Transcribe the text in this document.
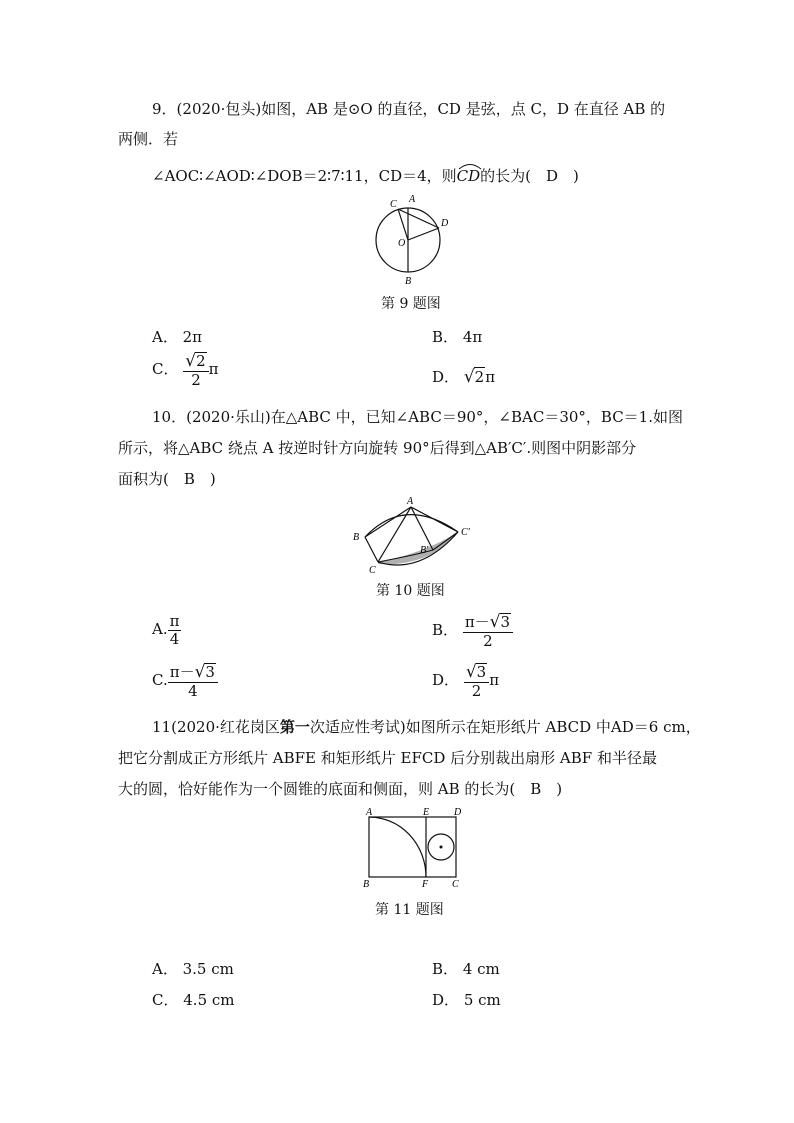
9．(2020·包头)如图，AB 是⊙O 的直径，CD 是弦，点 C，D 在直径 AB 的
两侧．若
∠AOC∶∠AOD∶∠DOB＝2∶7∶11，CD＝4，则
CD的长为(　D　)
A
C
D
O
B
第 9 题图
A． 2π	B． 4π
C． $\frac{√2}{2}$ π	D． √2π
10．(2020·乐山)在△ABC 中，已知∠ABC＝90°，∠BAC＝30°，BC＝1.如图
所示，将△ABC 绕点 A 按逆时针方向旋转 90°后得到△AB′C′.则图中阴影部分
面积为(　B　)
A
B
C
B′
C′
第 10 题图
A. $\frac{\pi}{4}$	B． $\frac{\pi-√3}{2}$
C. $\frac{\pi-√3}{4}$	D． $\frac{√3}{2}$ π
11(2020·红花岗区第一次适应性考试)如图所示在矩形纸片 ABCD 中AD＝6 cm，
把它分割成正方形纸片 ABFE 和矩形纸片 EFCD 后分别裁出扇形 ABF 和半径最
大的圆，恰好能作为一个圆锥的底面和侧面，则 AB 的长为(　B　)
A	E D
B	F C
第 11 题图
A． 3.5 cm	B． 4 cm
C． 4.5 cm	D． 5 cm
